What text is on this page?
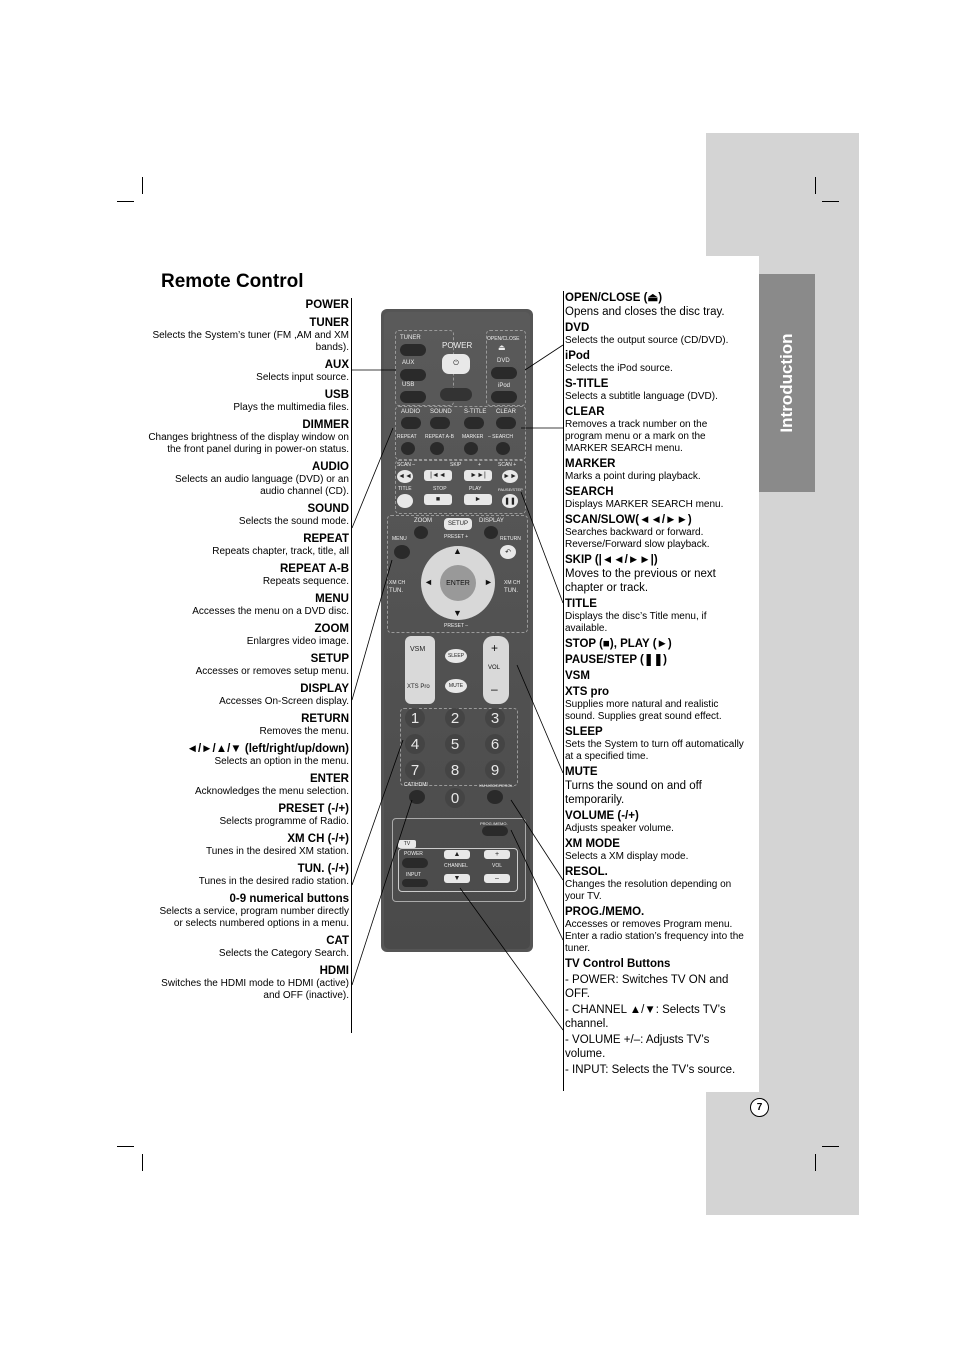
Introduction
Remote Control
POWER
TUNER
Selects the System’s tuner (FM ,AM and XM bands).
AUX
Selects input source.
USB
Plays the multimedia files.
DIMMER
Changes brightness of the display window on the front panel during in power-on status.
AUDIO
Selects an audio language (DVD) or an audio channel (CD).
SOUND
Selects the sound mode.
REPEAT
Repeats chapter, track, title, all
REPEAT A-B
Repeats sequence.
MENU
Accesses the menu on a DVD disc.
ZOOM
Enlargres video image.
SETUP
Accesses or removes setup menu.
DISPLAY
Accesses On-Screen display.
RETURN
Removes the menu.
◄/►/▲/▼ (left/right/up/down)
Selects an option in the menu.
ENTER
Acknowledges the menu selection.
PRESET (-/+)
Selects programme of Radio.
XM CH (-/+)
Tunes in the desired XM station.
TUN. (-/+)
Tunes in the desired radio station.
0-9 numerical buttons
Selects a service, program number directly or selects numbered options in a menu.
CAT
Selects the Category Search.
HDMI
Switches the HDMI mode to HDMI (active) and OFF (inactive).
OPEN/CLOSE (⏏)
Opens and closes the disc tray.
DVD
Selects the output source (CD/DVD).
iPod
Selects the iPod source.
S-TITLE
Selects a subtitle language (DVD).
CLEAR
Removes a track number on the program menu or a mark on the MARKER SEARCH menu.
MARKER
Marks a point during playback.
SEARCH
Displays MARKER SEARCH menu.
SCAN/SLOW(◄◄/►►)
Searches backward or forward. Reverse/Forward slow playback.
SKIP (|◄◄/►►|)
Moves to the previous or next chapter or track.
TITLE
Displays the disc’s Title menu, if available.
STOP (■), PLAY (►)
PAUSE/STEP (❚❚)
VSM
XTS pro
Supplies more natural and realistic sound. Supplies great sound effect.
SLEEP
Sets the System to turn off automatically at a specified time.
MUTE
Turns the sound on and off temporarily.
VOLUME (-/+)
Adjusts speaker volume.
XM MODE
Selects a XM display mode.
RESOL.
Changes the resolution depending on your TV.
PROG./MEMO.
Accesses or removes Program menu. Enter a radio station’s frequency into the tuner.
TV Control Buttons
- POWER: Switches TV ON and OFF.
- CHANNEL ▲/▼: Selects TV’s channel.
- VOLUME +/–: Adjusts TV’s volume.
- INPUT: Selects the TV’s source.
TUNER
AUX
USB
POWER
⏻
OPEN/CLOSE
⏏
DVD
iPod
AUDIO SOUND S-TITLE CLEAR
REPEAT REPEAT A-B MARKER – SEARCH
SCAN –	SKIP	+	SCAN +
◄◄	|◄◄	►►| ►►
TITLE	STOP	PLAY	PAUSE/STEP
■	►	❚❚
ZOOM	SETUP DISPLAY
MENU	PRESET +	RETURN
↶
▲
▼
◄	►
ENTER
XM CH
TUN.
XM CH
TUN.
PRESET –
VSM
XTS Pro
SLEEP
MUTE
+
VOL
–
CAT/HDMI	XM MODE/RESOL.
PROG./MEMO.
TV
POWER	▲
CHANNEL
▼
+
VOL
–
INPUT
1	2	3
4	5	6
7	8	9
0
7
